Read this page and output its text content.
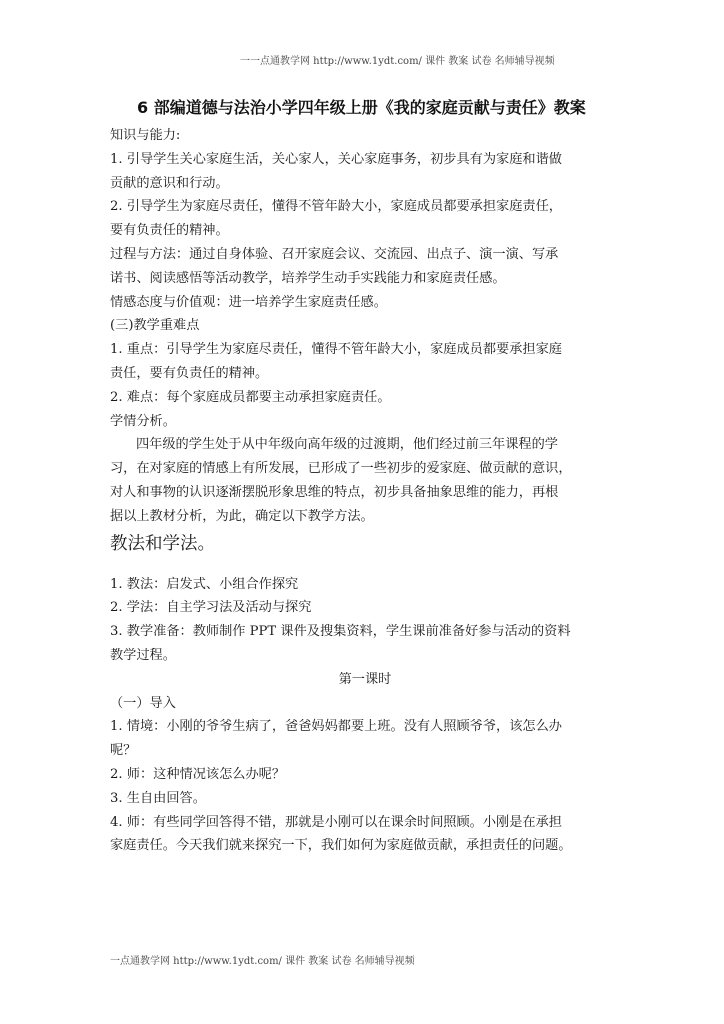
一一点通教学网 http://www.1ydt.com/ 课件 教案 试卷 名师辅导视频
6 部编道德与法治小学四年级上册《我的家庭贡献与责任》教案

知识与能力:

1. 引导学生关心家庭生活，关心家人，关心家庭事务，初步具有为家庭和谐做

贡献的意识和行动。

2. 引导学生为家庭尽责任，懂得不管年龄大小，家庭成员都要承担家庭责任，

要有负责任的精神。

过程与方法：通过自身体验、召开家庭会议、交流园、出点子、演一演、写承

诺书、阅读感悟等活动教学，培养学生动手实践能力和家庭责任感。

情感态度与价值观：进一培养学生家庭责任感。

(三)教学重难点

1. 重点：引导学生为家庭尽责任，懂得不管年龄大小，家庭成员都要承担家庭

责任，要有负责任的精神。

2. 难点：每个家庭成员都要主动承担家庭责任。

学情分析。

四年级的学生处于从中年级向高年级的过渡期，他们经过前三年课程的学

习，在对家庭的情感上有所发展，已形成了一些初步的爱家庭、做贡献的意识，

对人和事物的认识逐渐摆脱形象思维的特点，初步具备抽象思维的能力，再根

据以上教材分析，为此，确定以下教学方法。

教法和学法。

1. 教法：启发式、小组合作探究

2. 学法：自主学习法及活动与探究

3. 教学准备：教师制作 PPT 课件及搜集资料，学生课前准备好参与活动的资料

教学过程。

第一课时

（一）导入

1. 情境：小刚的爷爷生病了，爸爸妈妈都要上班。没有人照顾爷爷，该怎么办

呢？

2. 师：这种情况该怎么办呢？

3. 生自由回答。

4. 师：有些同学回答得不错，那就是小刚可以在课余时间照顾。小刚是在承担

家庭责任。今天我们就来探究一下，我们如何为家庭做贡献，承担责任的问题。

一点通教学网 http://www.1ydt.com/ 课件 教案 试卷 名师辅导视频
